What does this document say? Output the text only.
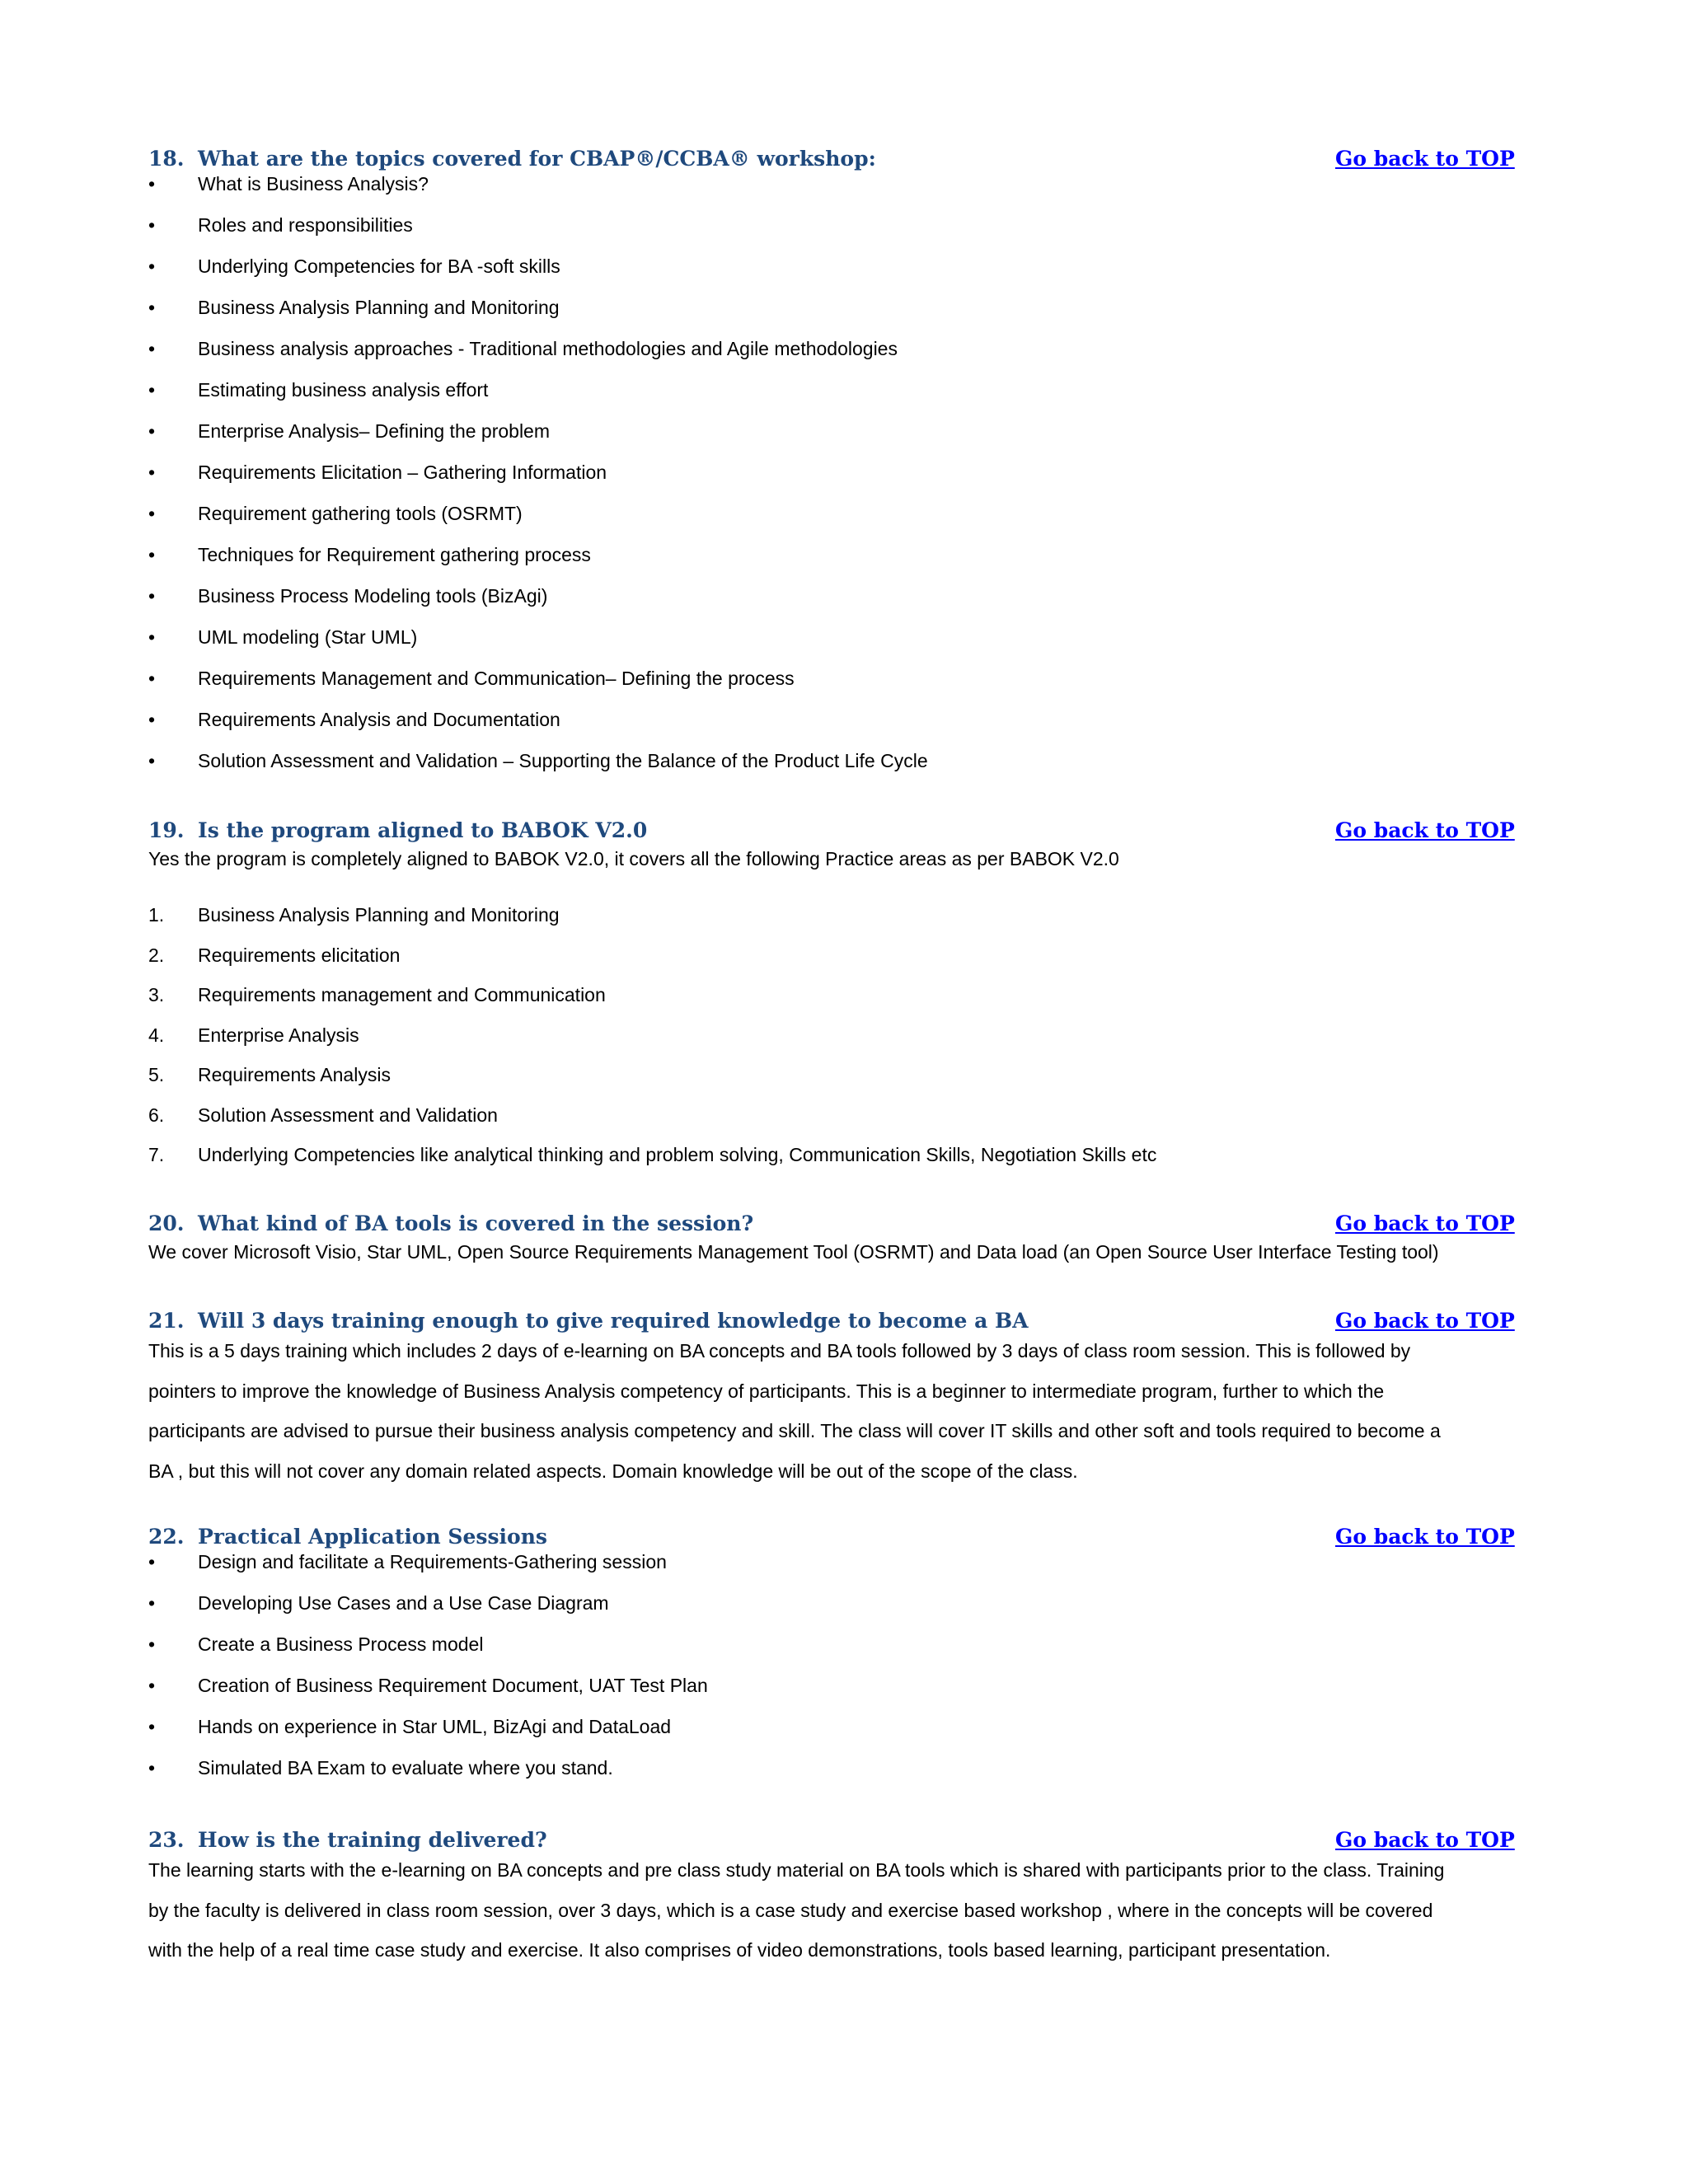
18. What are the topics covered for CBAP®/CCBA® workshop:	Go back to TOP
• What is Business Analysis?
• Roles and responsibilities
• Underlying Competencies for BA -soft skills
• Business Analysis Planning and Monitoring
• Business analysis approaches - Traditional methodologies and Agile methodologies
• Estimating business analysis effort
• Enterprise Analysis– Defining the problem
• Requirements Elicitation – Gathering Information
• Requirement gathering tools (OSRMT)
• Techniques for Requirement gathering process
• Business Process Modeling tools (BizAgi)
• UML modeling (Star UML)
• Requirements Management and Communication– Defining the process
• Requirements Analysis and Documentation
• Solution Assessment and Validation – Supporting the Balance of the Product Life Cycle
19. Is the program aligned to BABOK V2.0	Go back to TOP
Yes the program is completely aligned to BABOK V2.0, it covers all the following Practice areas as per BABOK V2.0
1. Business Analysis Planning and Monitoring
2. Requirements elicitation
3. Requirements management and Communication
4. Enterprise Analysis
5. Requirements Analysis
6. Solution Assessment and Validation
7. Underlying Competencies like analytical thinking and problem solving, Communication Skills, Negotiation Skills etc
20. What kind of BA tools is covered in the session?	Go back to TOP
We cover Microsoft Visio, Star UML, Open Source Requirements Management Tool (OSRMT) and Data load (an Open Source User Interface Testing tool)
21. Will 3 days training enough to give required knowledge to become a BA	Go back to TOP
This is a 5 days training which includes 2 days of e-learning on BA concepts and BA tools followed by 3 days of class room session. This is followed by
pointers to improve the knowledge of Business Analysis competency of participants. This is a beginner to intermediate program, further to which the
participants are advised to pursue their business analysis competency and skill. The class will cover IT skills and other soft and tools required to become a
BA , but this will not cover any domain related aspects. Domain knowledge will be out of the scope of the class.
22. Practical Application Sessions	Go back to TOP
• Design and facilitate a Requirements-Gathering session
• Developing Use Cases and a Use Case Diagram
• Create a Business Process model
• Creation of Business Requirement Document, UAT Test Plan
• Hands on experience in Star UML, BizAgi and DataLoad
• Simulated BA Exam to evaluate where you stand.
23. How is the training delivered?	Go back to TOP
The learning starts with the e-learning on BA concepts and pre class study material on BA tools which is shared with participants prior to the class. Training
by the faculty is delivered in class room session, over 3 days, which is a case study and exercise based workshop , where in the concepts will be covered
with the help of a real time case study and exercise. It also comprises of video demonstrations, tools based learning, participant presentation.
